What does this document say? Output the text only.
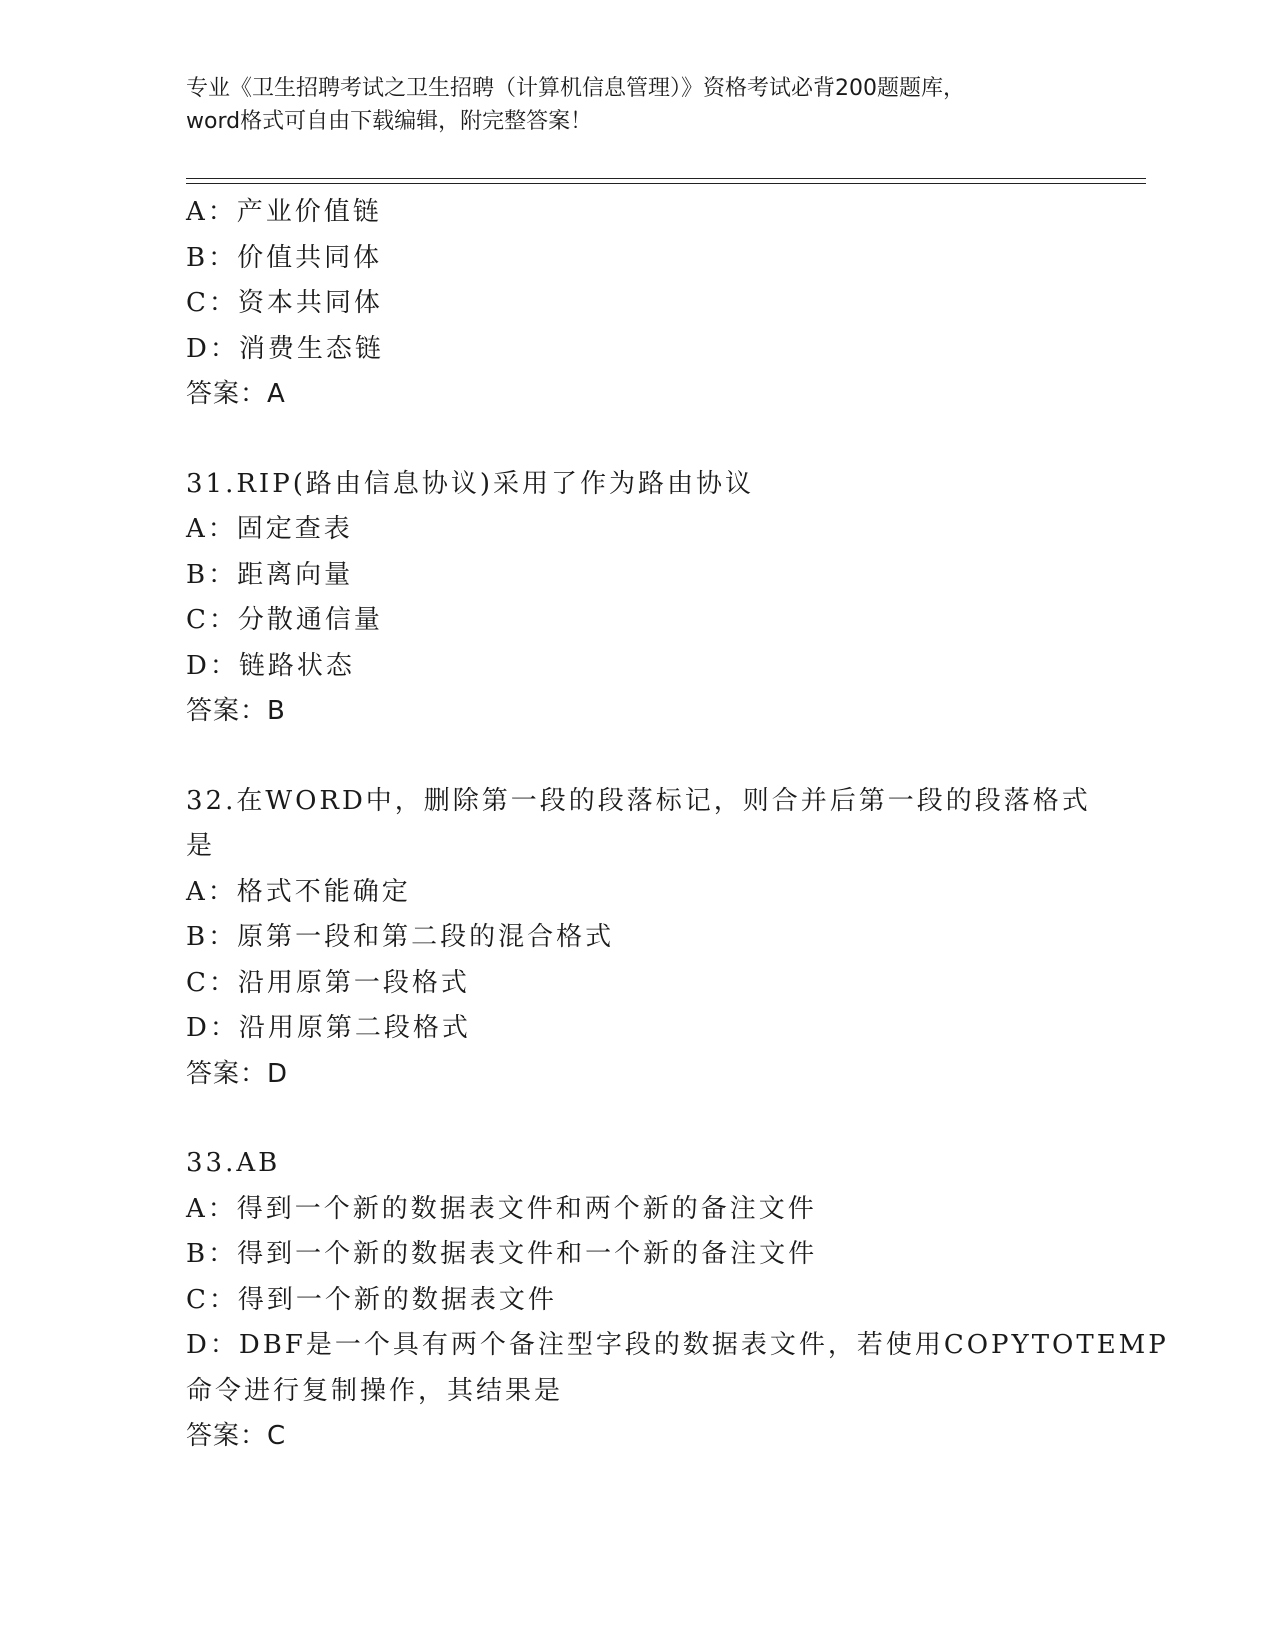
专业《卫生招聘考试之卫生招聘（计算机信息管理）》资格考试必背200题题库，
word格式可自由下载编辑，附完整答案！
A：产业价值链
B：价值共同体
C：资本共同体
D：消费生态链
答案：A
31.RIP(路由信息协议)采用了作为路由协议
A：固定查表
B：距离向量
C：分散通信量
D：链路状态
答案：B
32.在WORD中，删除第一段的段落标记，则合并后第一段的段落格式
是
A：格式不能确定
B：原第一段和第二段的混合格式
C：沿用原第一段格式
D：沿用原第二段格式
答案：D
33.AB
A：得到一个新的数据表文件和两个新的备注文件
B：得到一个新的数据表文件和一个新的备注文件
C：得到一个新的数据表文件
D：DBF是一个具有两个备注型字段的数据表文件，若使用COPYTOTEMP
命令进行复制操作，其结果是
答案：C
